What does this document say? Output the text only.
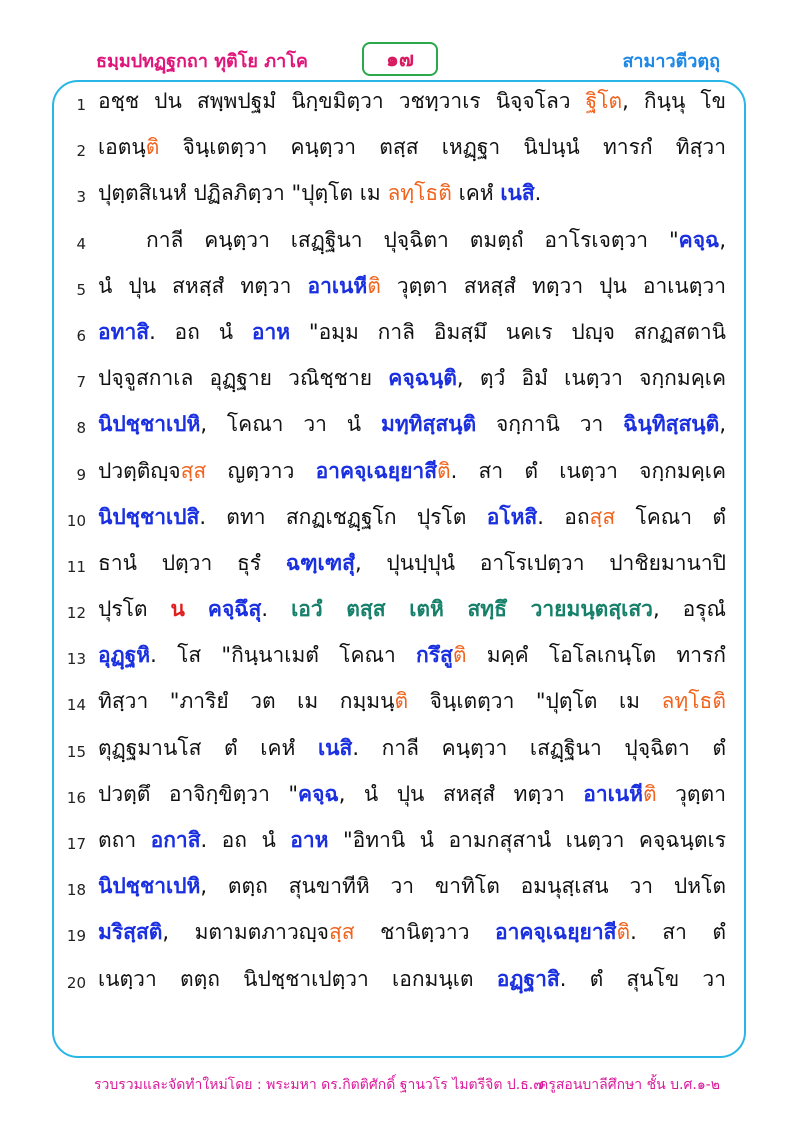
ธมฺมปทฏฺฐกถา ทุติโย ภาโค	๑๗	สามาวตีวตฺถุ
1 อชฺช ปน สพฺพปฐมํ นิกฺขมิตฺวา วชทฺวาเร นิจฺจโลว ฐิโต, กินฺนุ โข
2 เอตนฺติ จินฺเตตฺวา คนฺตฺวา ตสฺส เหฏฺฐา นิปนฺนํ ทารกํ ทิสฺวา
3 ปุตฺตสิเนหํ ปฏิลภิตฺวา "ปุตฺโต เม ลทฺโธติ เคหํ เนสิ.
4	กาลี คนฺตฺวา เสฏฺฐินา ปุจฺฉิตา ตมตฺถํ อาโรเจตฺวา "คจฺฉ,
5 นํ ปุน สหสฺสํ ทตฺวา อาเนหีติ วุตฺตา สหสฺสํ ทตฺวา ปุน อาเนตฺวา
6 อทาสิ. อถ นํ อาห "อมฺม กาลิ อิมสฺมึ นคเร ปญฺจ สกฏสตานิ
7 ปจฺจูสกาเล อุฏฺฐาย วณิชฺชาย คจฺฉนฺติ, ตฺวํ อิมํ เนตฺวา จกฺกมคฺเค
8 นิปชฺชาเปหิ, โคณา วา นํ มทฺทิสฺสนฺติ จกฺกานิ วา ฉินฺทิสฺสนฺติ,
9 ปวตฺติญฺจสฺส ญตฺวาว อาคจฺเฉยฺยาสีติ. สา ตํ เนตฺวา จกฺกมคฺเค
10 นิปชฺชาเปสิ. ตทา สกฏเชฏฺฐโก ปุรโต อโหสิ. อถสฺส โคณา ตํ
11 ธานํ ปตฺวา ธุรํ ฉฑฺเฑสุํ, ปุนปฺปุนํ อาโรเปตฺวา ปาชิยมานาปิ
12 ปุรโต น คจฺฉึสุ. เอวํ ตสฺส เตหิ สทฺธึ วายมนฺตสฺเสว, อรุณํ
13 อุฏฺฐหิ. โส "กินฺนาเมตํ โคณา กรึสูติ มคฺคํ โอโลเกนฺโต ทารกํ
14 ทิสฺวา "ภาริยํ วต เม กมฺมนฺติ จินฺเตตฺวา "ปุตฺโต เม ลทฺโธติ
15 ตุฏฺฐมานโส ตํ เคหํ เนสิ. กาลี คนฺตฺวา เสฏฺฐินา ปุจฺฉิตา ตํ
16 ปวตฺตึ อาจิกฺขิตฺวา "คจฺฉ, นํ ปุน สหสฺสํ ทตฺวา อาเนหีติ วุตฺตา
17 ตถา อกาสิ. อถ นํ อาห "อิทานิ นํ อามกสุสานํ เนตฺวา คจฺฉนฺตเร
18 นิปชฺชาเปหิ, ตตฺถ สุนขาทีหิ วา ขาทิโต อมนุสฺเสน วา ปหโต
19 มริสฺสติ, มตามตภาวญฺจสฺส ชานิตฺวาว อาคจฺเฉยฺยาสีติ. สา ตํ
20 เนตฺวา ตตฺถ นิปชฺชาเปตฺวา เอกมนฺเต อฏฺฐาสิ. ตํ สุนโข วา
รวบรวมและจัดทำใหม่โดย : พระมหา ดร.กิตติศักดิ์ ฐานวโร ไมตรีจิต ป.ธ.๗
ครูสอนบาลีศึกษา ชั้น บ.ศ.๑-๒
